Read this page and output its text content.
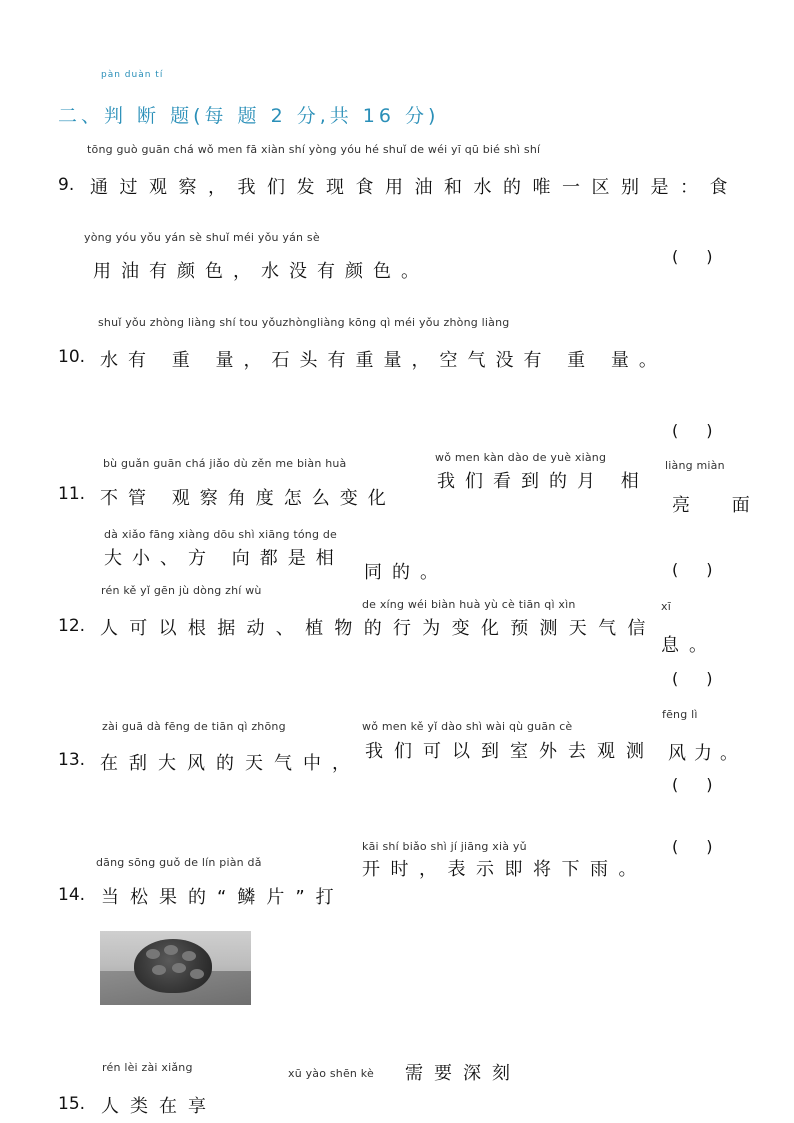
pàn duàn tí
二、判 断 题(每 题 2 分,共 16 分)
tōng guò guān chá wǒ men fā xiàn shí yòng yóu hé shuǐ de wéi yī qū bié shì shí
9. 通过观察，我们发现食用油和水的唯一区别是：食
yòng yóu yǒu yán sè shuǐ méi yǒu yán sè
用油有颜色，水没有颜色。
()
shuǐ yǒu zhòng liàng shí tou yǒuzhòngliàng kōng qì méi yǒu zhòng liàng
10. 水有 重 量，石头有重量，空气没有 重 量。
()
bù guǎn guān chá jiǎo dù zěn me biàn huà
11. 不管 观察角度怎么变化
wǒ men kàn dào de yuè xiàng
我们看到的月 相
liàng miàn
亮 面
dà xiǎo fāng xiàng dōu shì xiāng tóng de
大小、方 向都是相
同的。	()
rén kě yǐ gēn jù dòng zhí wù
de xíng wéi biàn huà yù cè tiān qì xìn	xī
12. 人可以根据动、植物的行为变化预测天气信
息。
()
zài guā dà fēng de tiān qì zhōng
13. 在刮大风的天气中，
wǒ men kě yǐ dào shì wài qù guān cè
我们可以到室外去观测
fēng lì
风力。
()
()
kāi shí biǎo shì jí jiāng xià yǔ
开时，表示即将下雨。
dāng sōng guǒ de lín piàn dǎ
14. 当松果的“鳞片”打
rén lèi zài xiǎng	xū yào shēn kè 需要深刻
15. 人类在享
